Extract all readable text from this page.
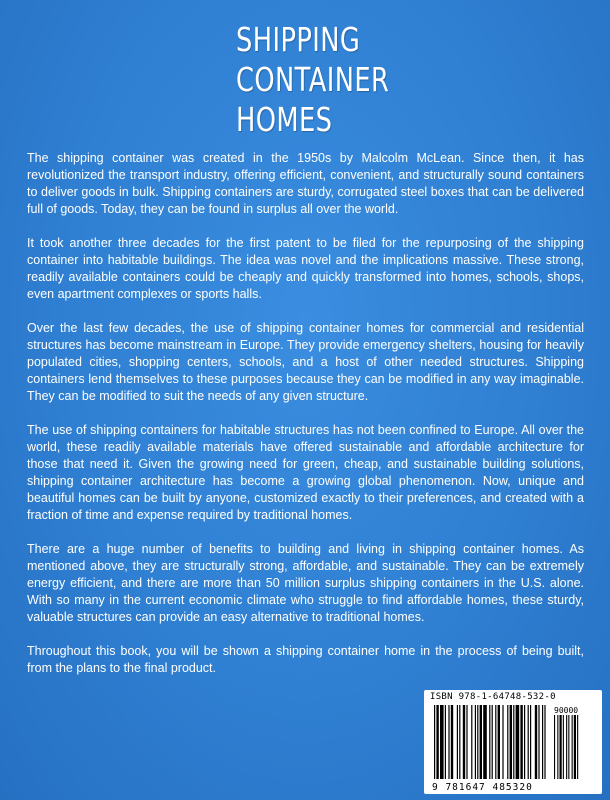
SHIPPING
CONTAINER
HOMES

The shipping container was created in the 1950s by Malcolm McLean. Since then, it has revolutionized the transport industry, offering efficient, convenient, and structurally sound containers to deliver goods in bulk. Shipping containers are sturdy, corrugated steel boxes that can be delivered full of goods. Today, they can be found in surplus all over the world.

It took another three decades for the first patent to be filed for the repurposing of the shipping container into habitable buildings. The idea was novel and the implications massive. These strong, readily available containers could be cheaply and quickly transformed into homes, schools, shops, even apartment complexes or sports halls.

Over the last few decades, the use of shipping container homes for commercial and residential structures has become mainstream in Europe. They provide emergency shelters, housing for heavily populated cities, shopping centers, schools, and a host of other needed structures. Shipping containers lend themselves to these purposes because they can be modified in any way imaginable. They can be modified to suit the needs of any given structure.

The use of shipping containers for habitable structures has not been confined to Europe. All over the world, these readily available materials have offered sustainable and affordable architecture for those that need it. Given the growing need for green, cheap, and sustainable building solutions, shipping container architecture has become a growing global phenomenon. Now, unique and beautiful homes can be built by anyone, customized exactly to their preferences, and created with a fraction of time and expense required by traditional homes.

There are a huge number of benefits to building and living in shipping container homes. As mentioned above, they are structurally strong, affordable, and sustainable. They can be extremely energy efficient, and there are more than 50 million surplus shipping containers in the U.S. alone. With so many in the current economic climate who struggle to find affordable homes, these sturdy, valuable structures can provide an easy alternative to traditional homes.

Throughout this book, you will be shown a shipping container home in the process of being built, from the plans to the final product.

ISBN 978-1-64748-532-0
90000
9 781647 485320
